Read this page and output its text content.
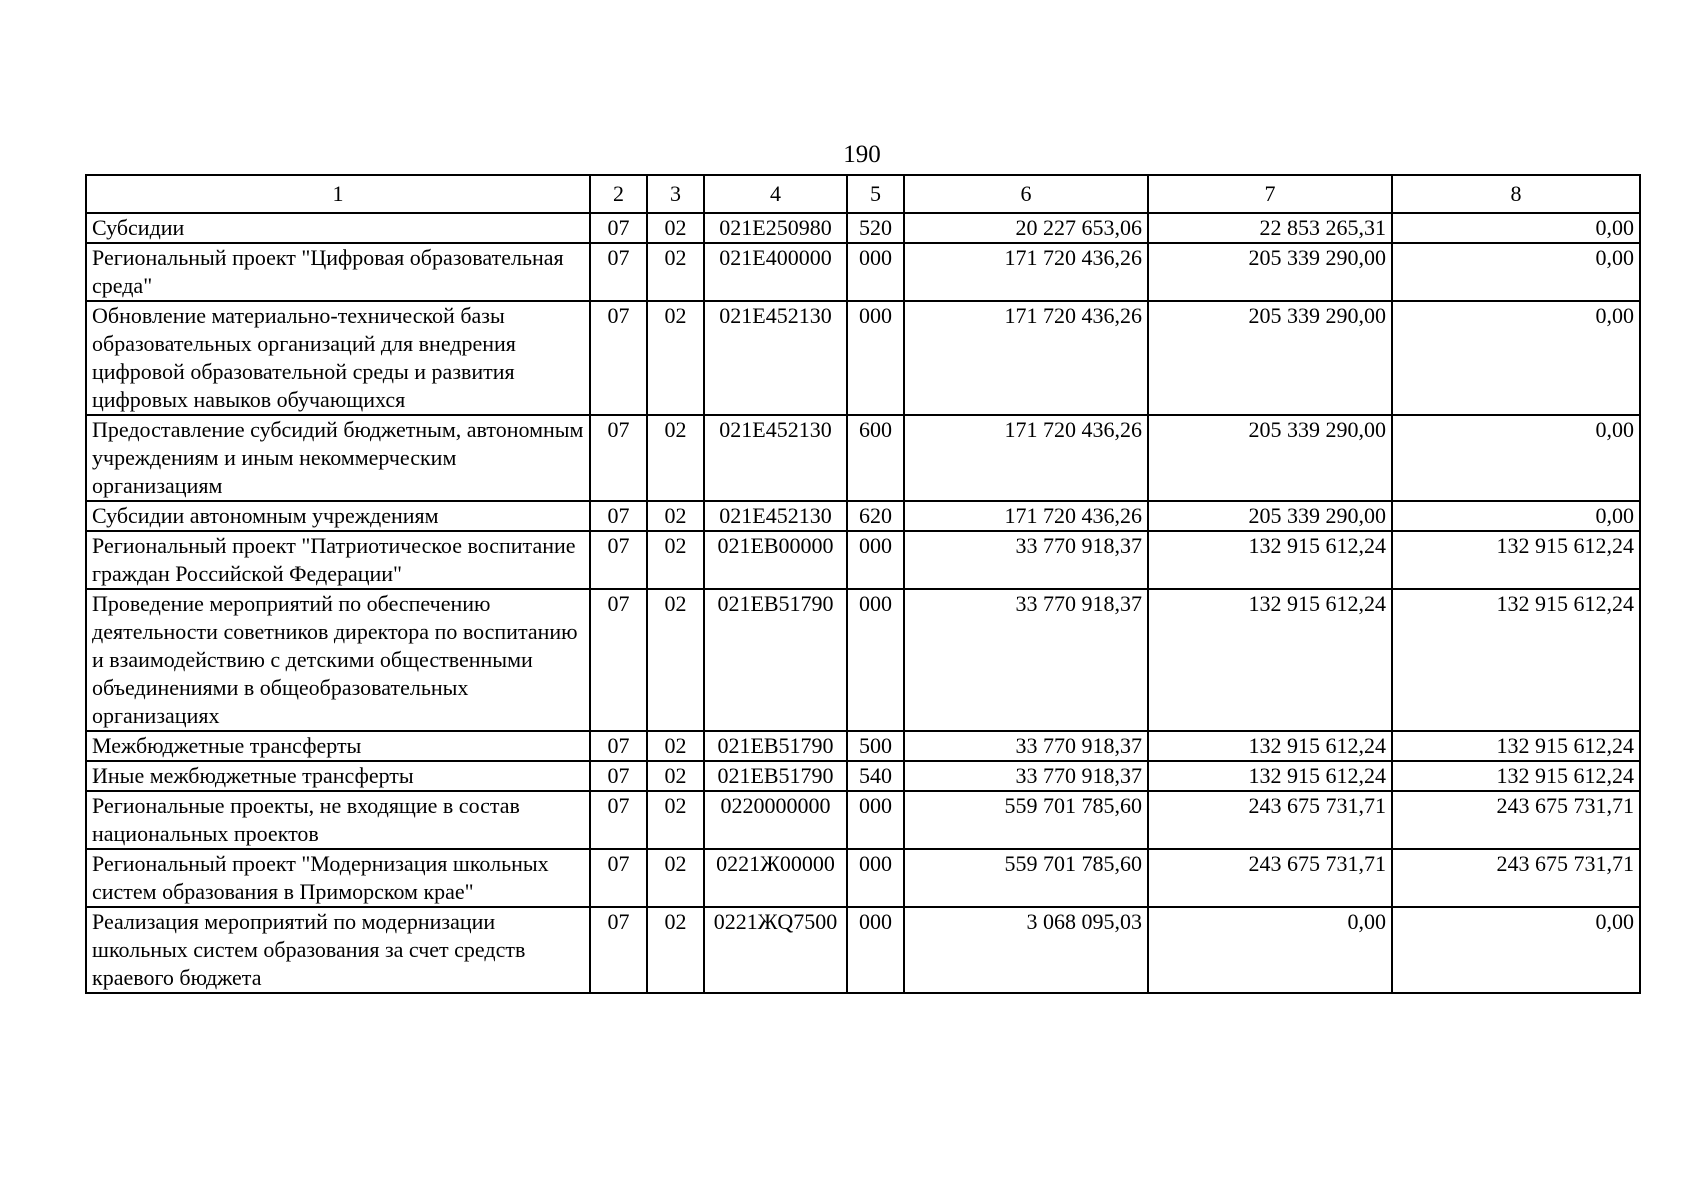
190
1	2	3	4	5	6	7	8
Субсидии	07	02	021E250980	520	20 227 653,06	22 853 265,31	0,00
Региональный проект "Цифровая образовательная среда"	07	02	021E400000	000	171 720 436,26	205 339 290,00	0,00
Обновление материально-технической базы образовательных организаций для внедрения цифровой образовательной среды и развития цифровых навыков обучающихся	07	02	021E452130	000	171 720 436,26	205 339 290,00	0,00
Предоставление субсидий бюджетным, автономным учреждениям и иным некоммерческим организациям	07	02	021E452130	600	171 720 436,26	205 339 290,00	0,00
Субсидии автономным учреждениям	07	02	021E452130	620	171 720 436,26	205 339 290,00	0,00
Региональный проект "Патриотическое воспитание граждан Российской Федерации"	07	02	021EB00000	000	33 770 918,37	132 915 612,24	132 915 612,24
Проведение мероприятий по обеспечению деятельности советников директора по воспитанию и взаимодействию с детскими общественными объединениями в общеобразовательных организациях	07	02	021EB51790	000	33 770 918,37	132 915 612,24	132 915 612,24
Межбюджетные трансферты	07	02	021EB51790	500	33 770 918,37	132 915 612,24	132 915 612,24
Иные межбюджетные трансферты	07	02	021EB51790	540	33 770 918,37	132 915 612,24	132 915 612,24
Региональные проекты, не входящие в состав национальных проектов	07	02	0220000000	000	559 701 785,60	243 675 731,71	243 675 731,71
Региональный проект "Модернизация школьных систем образования в Приморском крае"	07	02	0221Ж00000	000	559 701 785,60	243 675 731,71	243 675 731,71
Реализация мероприятий по модернизации школьных систем образования за счет средств краевого бюджета	07	02	0221ЖQ7500	000	3 068 095,03	0,00	0,00
